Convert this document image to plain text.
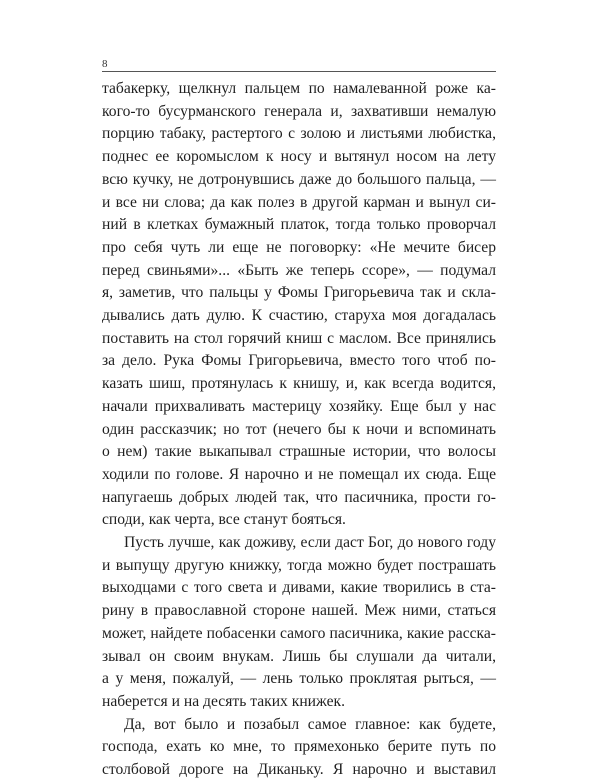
8
табакерку, щелкнул пальцем по намалеванной роже ка-
кого-то бусурманского генерала и, захвативши немалую
порцию табаку, растертого с золою и листьями любистка,
поднес ее коромыслом к носу и вытянул носом на лету
всю кучку, не дотронувшись даже до большого пальца, —
и все ни слова; да как полез в другой карман и вынул си-
ний в клетках бумажный платок, тогда только проворчал
про себя чуть ли еще не поговорку: «Не мечите бисер
перед свиньями»... «Быть же теперь ссоре», — подумал
я, заметив, что пальцы у Фомы Григорьевича так и скла-
дывались дать дулю. К счастию, старуха моя догадалась
поставить на стол горячий книш с маслом. Все принялись
за дело. Рука Фомы Григорьевича, вместо того чтоб по-
казать шиш, протянулась к книшу, и, как всегда водится,
начали прихваливать мастерицу хозяйку. Еще был у нас
один рассказчик; но тот (нечего бы к ночи и вспоминать
о нем) такие выкапывал страшные истории, что волосы
ходили по голове. Я нарочно и не помещал их сюда. Еще
напугаешь добрых людей так, что пасичника, прости го-
споди, как черта, все станут бояться.
Пусть лучше, как доживу, если даст Бог, до нового году
и выпущу другую книжку, тогда можно будет пострашать
выходцами с того света и дивами, какие творились в ста-
рину в православной стороне нашей. Меж ними, статься
может, найдете побасенки самого пасичника, какие расска-
зывал он своим внукам. Лишь бы слушали да читали,
а у меня, пожалуй, — лень только проклятая рыться, —
наберется и на десять таких книжек.
Да, вот было и позабыл самое главное: как будете,
господа, ехать ко мне, то прямехонько берите путь по
столбовой дороге на Диканьку. Я нарочно и выставил
